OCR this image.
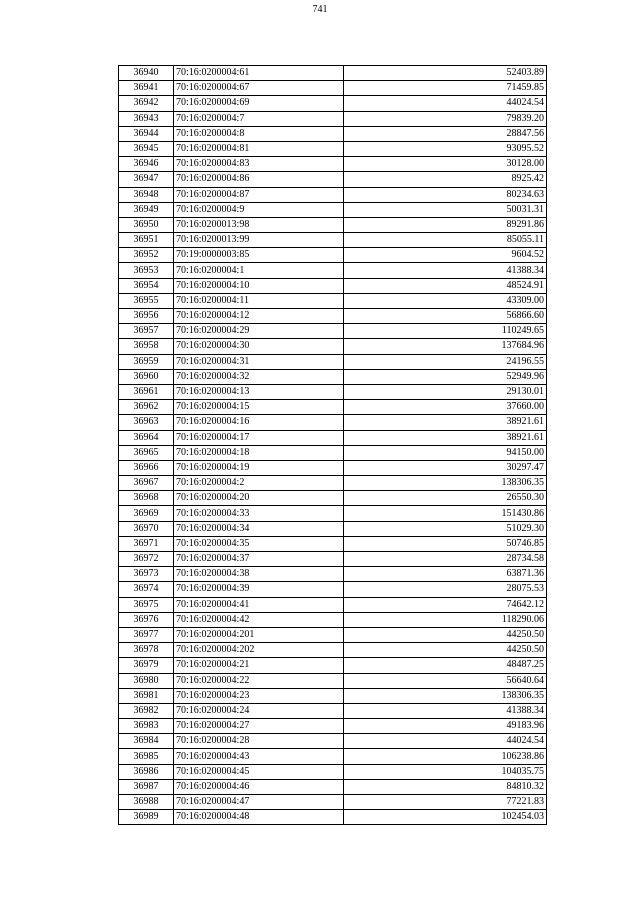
741
36940	70:16:0200004:61	52403.89
36941	70:16:0200004:67	71459.85
36942	70:16:0200004:69	44024.54
36943	70:16:0200004:7	79839.20
36944	70:16:0200004:8	28847.56
36945	70:16:0200004:81	93095.52
36946	70:16:0200004:83	30128.00
36947	70:16:0200004:86	8925.42
36948	70:16:0200004:87	80234.63
36949	70:16:0200004:9	50031.31
36950	70:16:0200013:98	89291.86
36951	70:16:0200013:99	85055.11
36952	70:19:0000003:85	9604.52
36953	70:16:0200004:1	41388.34
36954	70:16:0200004:10	48524.91
36955	70:16:0200004:11	43309.00
36956	70:16:0200004:12	56866.60
36957	70:16:0200004:29	110249.65
36958	70:16:0200004:30	137684.96
36959	70:16:0200004:31	24196.55
36960	70:16:0200004:32	52949.96
36961	70:16:0200004:13	29130.01
36962	70:16:0200004:15	37660.00
36963	70:16:0200004:16	38921.61
36964	70:16:0200004:17	38921.61
36965	70:16:0200004:18	94150.00
36966	70:16:0200004:19	30297.47
36967	70:16:0200004:2	138306.35
36968	70:16:0200004:20	26550.30
36969	70:16:0200004:33	151430.86
36970	70:16:0200004:34	51029.30
36971	70:16:0200004:35	50746.85
36972	70:16:0200004:37	28734.58
36973	70:16:0200004:38	63871.36
36974	70:16:0200004:39	28075.53
36975	70:16:0200004:41	74642.12
36976	70:16:0200004:42	118290.06
36977	70:16:0200004:201	44250.50
36978	70:16:0200004:202	44250.50
36979	70:16:0200004:21	48487.25
36980	70:16:0200004:22	56640.64
36981	70:16:0200004:23	138306.35
36982	70:16:0200004:24	41388.34
36983	70:16:0200004:27	49183.96
36984	70:16:0200004:28	44024.54
36985	70:16:0200004:43	106238.86
36986	70:16:0200004:45	104035.75
36987	70:16:0200004:46	84810.32
36988	70:16:0200004:47	77221.83
36989	70:16:0200004:48	102454.03
